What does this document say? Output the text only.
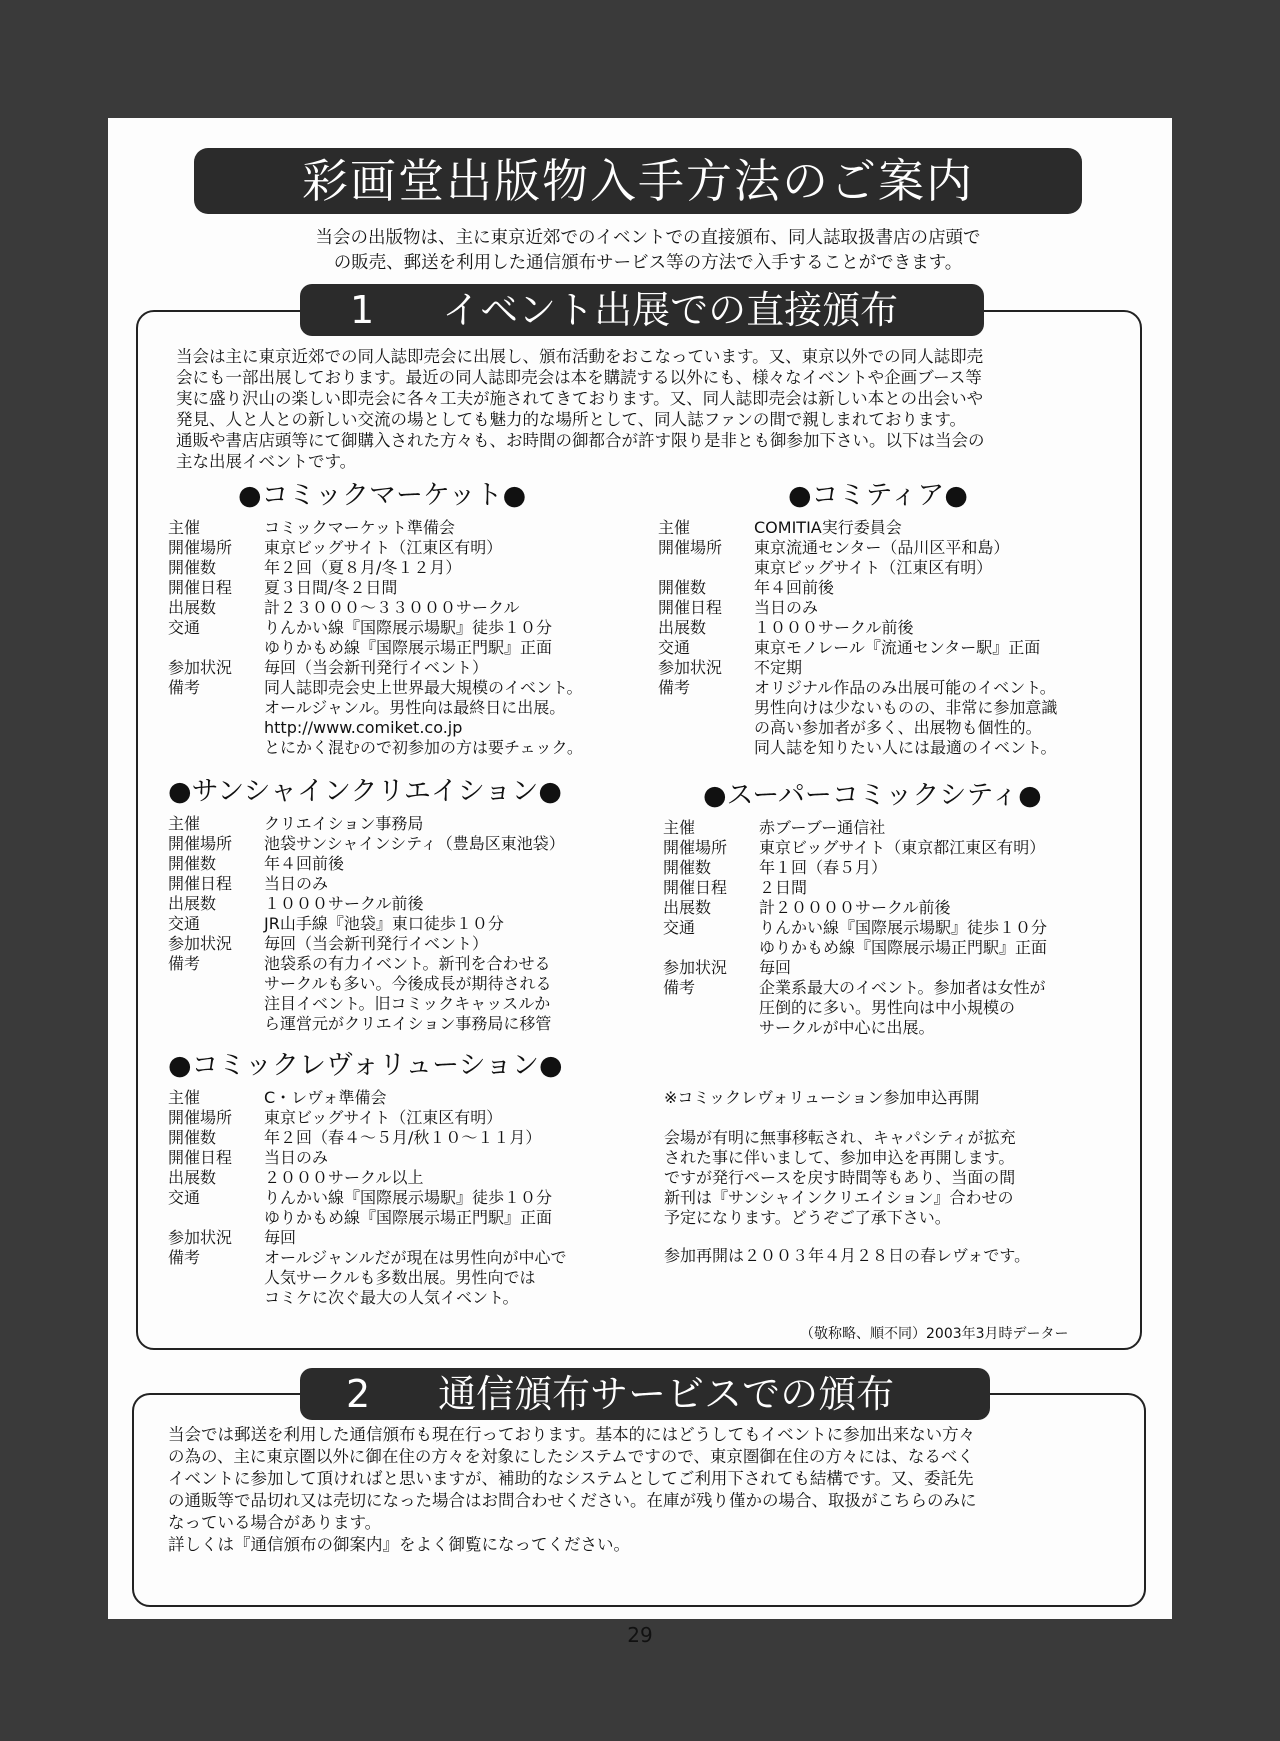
彩画堂出版物入手方法のご案内
当会の出版物は、主に東京近郊でのイベントでの直接頒布、同人誌取扱書店の店頭で
の販売、郵送を利用した通信頒布サービス等の方法で入手することができます。
1 イベント出展での直接頒布
当会は主に東京近郊での同人誌即売会に出展し、頒布活動をおこなっています。又、東京以外での同人誌即売
会にも一部出展しております。最近の同人誌即売会は本を購読する以外にも、様々なイベントや企画ブース等
実に盛り沢山の楽しい即売会に各々工夫が施されてきております。又、同人誌即売会は新しい本との出会いや
発見、人と人との新しい交流の場としても魅力的な場所として、同人誌ファンの間で親しまれております。
通販や書店店頭等にて御購入された方々も、お時間の御都合が許す限り是非とも御参加下さい。以下は当会の
主な出展イベントです。
●コミックマーケット●
主催	コミックマーケット準備会
開催場所	東京ビッグサイト（江東区有明）
開催数	年２回（夏８月/冬１２月）
開催日程	夏３日間/冬２日間
出展数	計２３０００～３３０００サークル
交通	りんかい線『国際展示場駅』徒歩１０分
ゆりかもめ線『国際展示場正門駅』正面
参加状況	毎回（当会新刊発行イベント）
備考	同人誌即売会史上世界最大規模のイベント。
オールジャンル。男性向は最終日に出展。
http://www.comiket.co.jp
とにかく混むので初参加の方は要チェック。
●コミティア●
主催	COMITIA実行委員会
開催場所	東京流通センター（品川区平和島）
東京ビッグサイト（江東区有明）
開催数	年４回前後
開催日程	当日のみ
出展数	１０００サークル前後
交通	東京モノレール『流通センター駅』正面
参加状況	不定期
備考	オリジナル作品のみ出展可能のイベント。
男性向けは少ないものの、非常に参加意識
の高い参加者が多く、出展物も個性的。
同人誌を知りたい人には最適のイベント。
●サンシャインクリエイション●
主催	クリエイション事務局
開催場所	池袋サンシャインシティ（豊島区東池袋）
開催数	年４回前後
開催日程	当日のみ
出展数	１０００サークル前後
交通	JR山手線『池袋』東口徒歩１０分
参加状況	毎回（当会新刊発行イベント）
備考	池袋系の有力イベント。新刊を合わせる
サークルも多い。今後成長が期待される
注目イベント。旧コミックキャッスルか
ら運営元がクリエイション事務局に移管
●スーパーコミックシティ●
主催	赤ブーブー通信社
開催場所	東京ビッグサイト（東京都江東区有明）
開催数	年１回（春５月）
開催日程	２日間
出展数	計２００００サークル前後
交通	りんかい線『国際展示場駅』徒歩１０分
ゆりかもめ線『国際展示場正門駅』正面
参加状況	毎回
備考	企業系最大のイベント。参加者は女性が
圧倒的に多い。男性向は中小規模の
サークルが中心に出展。
●コミックレヴォリューション●
主催	C・レヴォ準備会
開催場所	東京ビッグサイト（江東区有明）
開催数	年２回（春４～５月/秋１０～１１月）
開催日程	当日のみ
出展数	２０００サークル以上
交通	りんかい線『国際展示場駅』徒歩１０分
ゆりかもめ線『国際展示場正門駅』正面
参加状況	毎回
備考	オールジャンルだが現在は男性向が中心で
人気サークルも多数出展。男性向では
コミケに次ぐ最大の人気イベント。
※コミックレヴォリューション参加申込再開
会場が有明に無事移転され、キャパシティが拡充
された事に伴いまして、参加申込を再開します。
ですが発行ペースを戻す時間等もあり、当面の間
新刊は『サンシャインクリエイション』合わせの
予定になります。どうぞご了承下さい。
参加再開は２００３年４月２８日の春レヴォです。
（敬称略、順不同）2003年3月時データー
2 通信頒布サービスでの頒布
当会では郵送を利用した通信頒布も現在行っております。基本的にはどうしてもイベントに参加出来ない方々
の為の、主に東京圏以外に御在住の方々を対象にしたシステムですので、東京圏御在住の方々には、なるべく
イベントに参加して頂ければと思いますが、補助的なシステムとしてご利用下されても結構です。又、委託先
の通販等で品切れ又は売切になった場合はお問合わせください。在庫が残り僅かの場合、取扱がこちらのみに
なっている場合があります。
詳しくは『通信頒布の御案内』をよく御覧になってください。
29
